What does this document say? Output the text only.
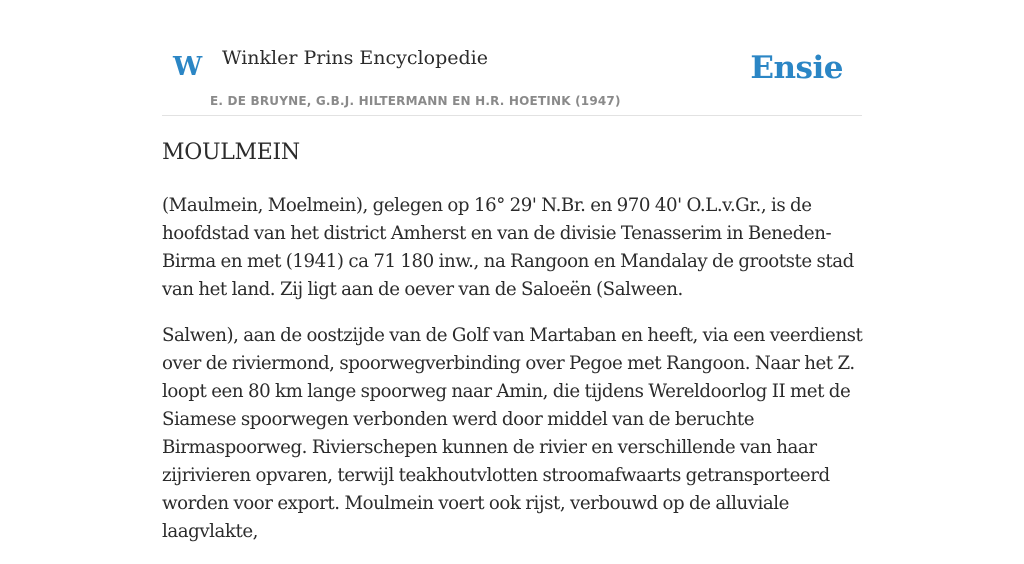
W Winkler Prins Encyclopedie
E. DE BRUYNE, G.B.J. HILTERMANN EN H.R. HOETINK (1947)
Ensie
MOULMEIN

(Maulmein, Moelmein), gelegen op 16° 29' N.Br. en 970 40' O.L.v.Gr., is de hoofdstad van het district Amherst en van de divisie Tenasserim in Beneden-Birma en met (1941) ca 71 180 inw., na Rangoon en Mandalay de grootste stad van het land. Zij ligt aan de oever van de Saloeën (Salween.

Salwen), aan de oostzijde van de Golf van Martaban en heeft, via een veerdienst over de riviermond, spoorwegverbinding over Pegoe met Rangoon. Naar het Z. loopt een 80 km lange spoorweg naar Amin, die tijdens Wereldoorlog II met de Siamese spoorwegen verbonden werd door middel van de beruchte Birmaspoorweg. Rivierschepen kunnen de rivier en verschillende van haar zijrivieren opvaren, terwijl teakhoutvlotten stroomafwaarts getransporteerd worden voor export. Moulmein voert ook rijst, verbouwd op de alluviale laagvlakte,
